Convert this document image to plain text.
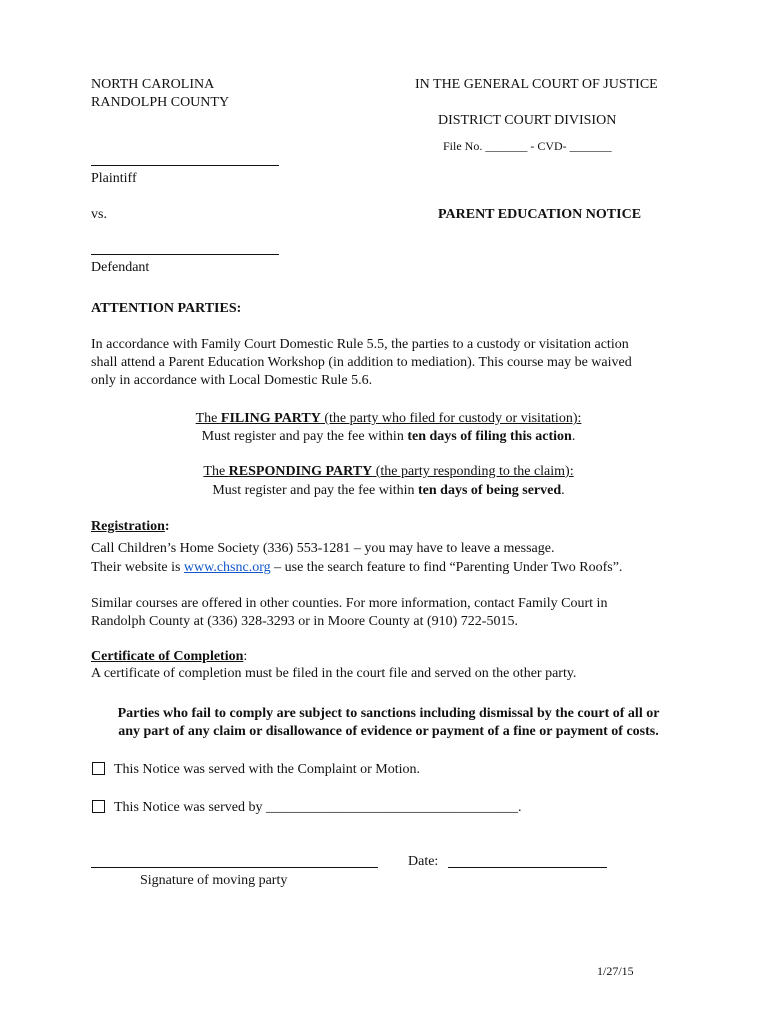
NORTH CAROLINA
RANDOLPH COUNTY
IN THE GENERAL COURT OF JUSTICE
DISTRICT COURT DIVISION
File No. _______ - CVD- _______
Plaintiff
vs.	PARENT EDUCATION NOTICE
Defendant
ATTENTION PARTIES:
In accordance with Family Court Domestic Rule 5.5, the parties to a custody or visitation action
shall attend a Parent Education Workshop (in addition to mediation). This course may be waived
only in accordance with Local Domestic Rule 5.6.
The FILING PARTY (the party who filed for custody or visitation):
Must register and pay the fee within ten days of filing this action.
The RESPONDING PARTY (the party responding to the claim):
Must register and pay the fee within ten days of being served.
Registration:
Call Children’s Home Society (336) 553-1281 – you may have to leave a message.
Their website is www.chsnc.org – use the search feature to find “Parenting Under Two Roofs”.
Similar courses are offered in other counties. For more information, contact Family Court in
Randolph County at (336) 328-3293 or in Moore County at (910) 722-5015.
Certificate of Completion:
A certificate of completion must be filed in the court file and served on the other party.
Parties who fail to comply are subject to sanctions including dismissal by the court of all or
any part of any claim or disallowance of evidence or payment of a fine or payment of costs.
This Notice was served with the Complaint or Motion.
This Notice was served by ____________________________________.
Date:
Signature of moving party
1/27/15
